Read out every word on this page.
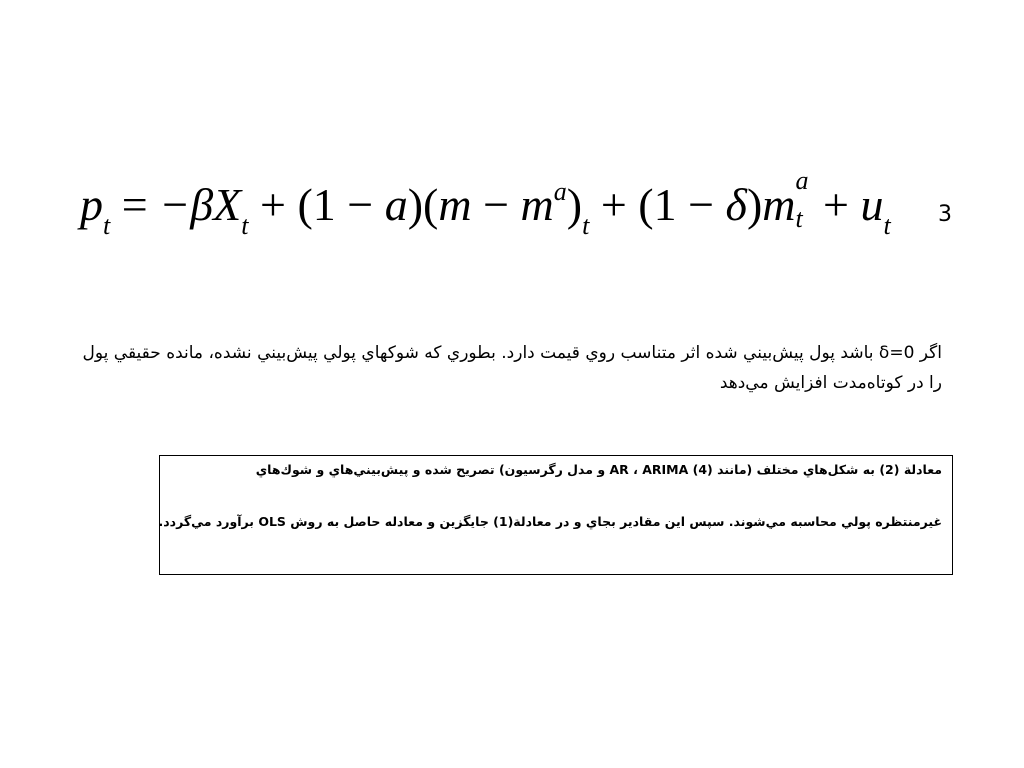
$p_t = -\beta X_t + (1 - a)(m - m^a)_t + (1 - \delta)m$ a
$t + u_t$ 3
اگر δ=0 باشد پول پيش‌بيني شده اثر متناسب روي قيمت دارد. بطوري كه شوكهاي پولي پيش‌بيني نشده، مانده حقيقي پول را در كوتاه‌مدت افزايش مي‌دهد
معادلة (2) به شكل‌هاي مختلف (مانند (4) AR ، ARIMA و مدل رگرسيون) تصريح شده و پيش‌بيني‌هاي و شوك‌هاي
غيرمنتظره پولي محاسبه مي‌شوند. سپس اين مقادير بجاي و در معادلة(1) جايگزين و معادله حاصل به روش OLS برآورد مي‌گردد.
